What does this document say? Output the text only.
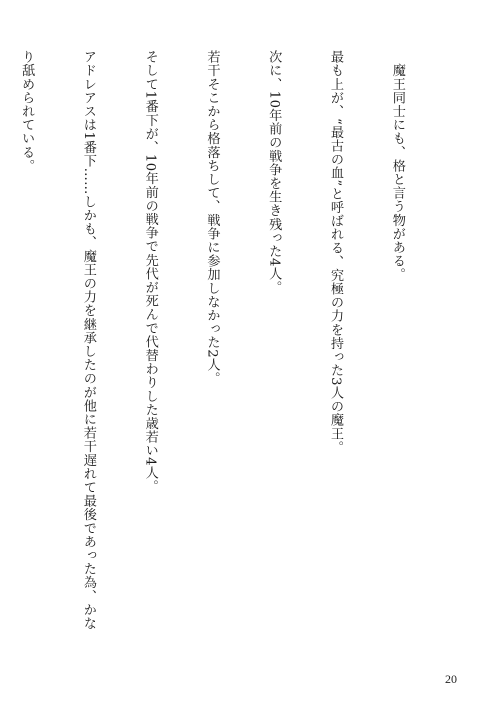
魔王同士にも、格と言う物がある。

最も上が、“最古の血”と呼ばれる、究極の力を持った3人の魔王。

次に、10年前の戦争を生き残った4人。

若干そこから格落ちして、戦争に参加しなかった2人。

そして1番下が、10年前の戦争で先代が死んで代替わりした歳若い4人。

アドレアスは1番下……しかも、魔王の力を継承したのが他に若干遅れて最後であった為、かな

り舐められている。

20
